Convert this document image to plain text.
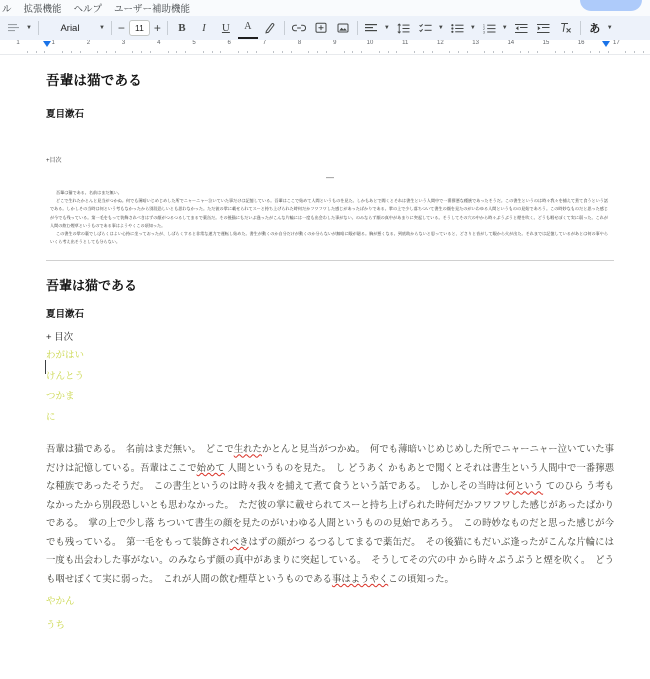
ル 拡張機能 ヘルプ ユーザー補助機能
▼	Arial	▼ −	11 +	B	I	U	A	▼	▼	▼
1
2
3
▼	あ	▼
1	1	2	3	4	5	6	7	8	9	10	11	12	13	14	15	16	17
吾輩は猫である
夏目漱石
+目次
—

吾輩は猫である。名前はまだ無い。

どこで生れたかとんと見当がつかぬ。何でも薄暗いじめじめした所でニャーニャー泣いていた事だけは記憶している。吾輩はここで始めて人間というものを見た。しかもあとで聞くとそれは書生という人間中で一番獰悪な種族であったそうだ。この書生というのは時々我々を捕えて煮て食うという話である。しかしその当時は何という考もなかったから別段恐しいとも思わなかった。ただ彼の掌に載せられてスーと持ち上げられた時何だかフワフワした感じがあったばかりである。掌の上で少し落ちついて書生の顔を見たのがいわゆる人間というものの見始であろう。この時妙なものだと思った感じが今でも残っている。第一毛をもって装飾されべきはずの顔がつるつるしてまるで薬缶だ。その後猫にもだいぶ逢ったがこんな片輪には一度も出会わした事がない。のみならず顔の真中があまりに突起している。そうしてその穴の中から時々ぷうぷうと煙を吹く。どうも咽せぽくて実に弱った。これが人間の飲む煙草というものである事はようやくこの頃知った。

この書生の掌の裏でしばらくはよい心持に坐っておったが、しばらくすると非常な速力で運転し始めた。書生が動くのか自分だけが動くのか分らないが無暗に眼が廻る。胸が悪くなる。到底助からないと思っていると、どさりと音がして眼から火が出た。それまでは記憶しているがあとは何の事やらいくら考え出そうとしても分らない。

吾輩は猫である
夏目漱石
+ 目次
わがはい
けんとう
つかま
に

吾輩は猫である。　名前はまだ無い。　どこで生れたかとんと見当がつかぬ。　何でも薄暗いじめじめした所でニャーニャー泣いていた事だけは記憶している。吾輩はここで始めて 人間というものを見た。　し どうあく かもあとで聞くとそれは書生という人間中で一番獰悪な種族であったそうだ。　この書生というのは時々我々を捕えて煮て食うという話である。　しかしその当時は何という てのひら う考もなかったから別段恐しいとも思わなかった。　ただ彼の掌に載せられてスーと持ち上げられた時何だかフワフワした感じがあったばかりである。　掌の上で少し落 ちついて書生の顔を見たのがいわゆる人間というものの見始であろう。　この時妙なものだと思った感じが今でも残っている。　第一毛をもって装飾されべきはずの顔がつ るつるしてまるで薬缶だ。　その後猫にもだいぶ逢ったがこんな片輪には一度も出会わした事がない。のみならず顔の真中があまりに突起している。　そうしてその穴の中 から時々ぷうぷうと煙を吹く。　どうも咽せぽくて実に弱った。　これが人間の飲む煙草というものである事はようやくこの頃知った。

やかん
うち
